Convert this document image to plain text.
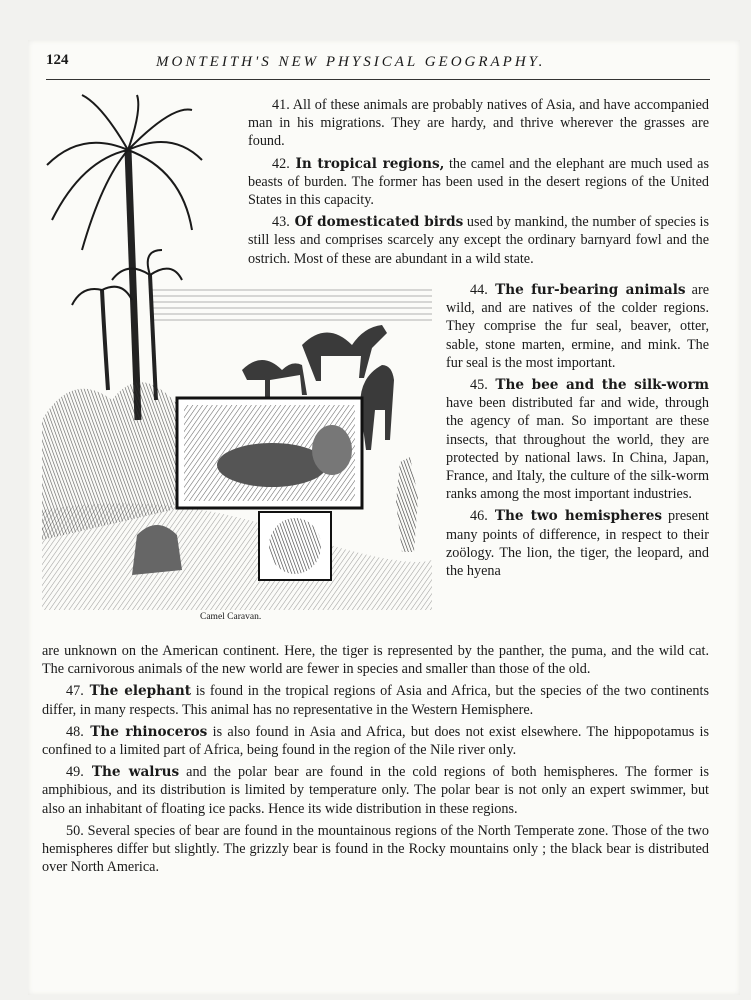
124	MONTEITH'S NEW PHYSICAL GEOGRAPHY.
Camel Caravan.

41. All of these animals are probably natives of Asia, and have accompanied man in his migrations. They are hardy, and thrive wherever the grasses are found.

42. In tropical regions, the camel and the elephant are much used as beasts of burden. The former has been used in the desert regions of the United States in this capacity.

43. Of domesticated birds used by mankind, the number of species is still less and comprises scarcely any except the ordinary barnyard fowl and the ostrich. Most of these are abundant in a wild state.

44. The fur-bearing animals are wild, and are natives of the colder regions. They comprise the fur seal, beaver, otter, sable, stone marten, ermine, and mink. The fur seal is the most important.

45. The bee and the silk-worm have been distributed far and wide, through the agency of man. So important are these insects, that throughout the world, they are protected by national laws. In China, Japan, France, and Italy, the culture of the silk-worm ranks among the most important industries.

46. The two hemispheres present many points of difference, in respect to their zoölogy. The lion, the tiger, the leopard, and the hyena

are unknown on the American continent. Here, the tiger is represented by the panther, the puma, and the wild cat. The carnivorous animals of the new world are fewer in species and smaller than those of the old.

47. The elephant is found in the tropical regions of Asia and Africa, but the species of the two continents differ, in many respects. This animal has no representative in the Western Hemisphere.

48. The rhinoceros is also found in Asia and Africa, but does not exist elsewhere. The hippopotamus is confined to a limited part of Africa, being found in the region of the Nile river only.

49. The walrus and the polar bear are found in the cold regions of both hemispheres. The former is amphibious, and its distribution is limited by temperature only. The polar bear is not only an expert swimmer, but also an inhabitant of floating ice packs. Hence its wide distribution in these regions.

50. Several species of bear are found in the mountainous regions of the North Temperate zone. Those of the two hemispheres differ but slightly. The grizzly bear is found in the Rocky mountains only ; the black bear is distributed over North America.
